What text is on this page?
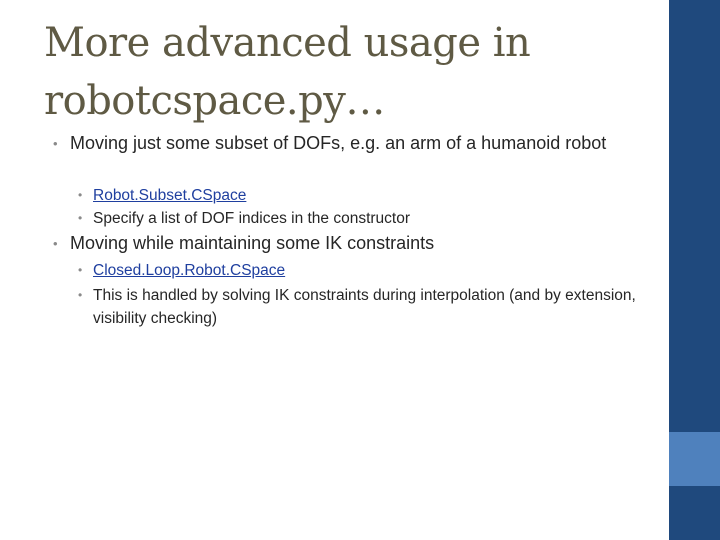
More advanced usage in
robotcspace.py…
• Moving just some subset of DOFs, e.g. an arm of a humanoid robot
• Robot.Subset.CSpace
• Specify a list of DOF indices in the constructor
• Moving while maintaining some IK constraints
• Closed.Loop.Robot.CSpace
• This is handled by solving IK constraints during interpolation (and by extension, visibility checking)
